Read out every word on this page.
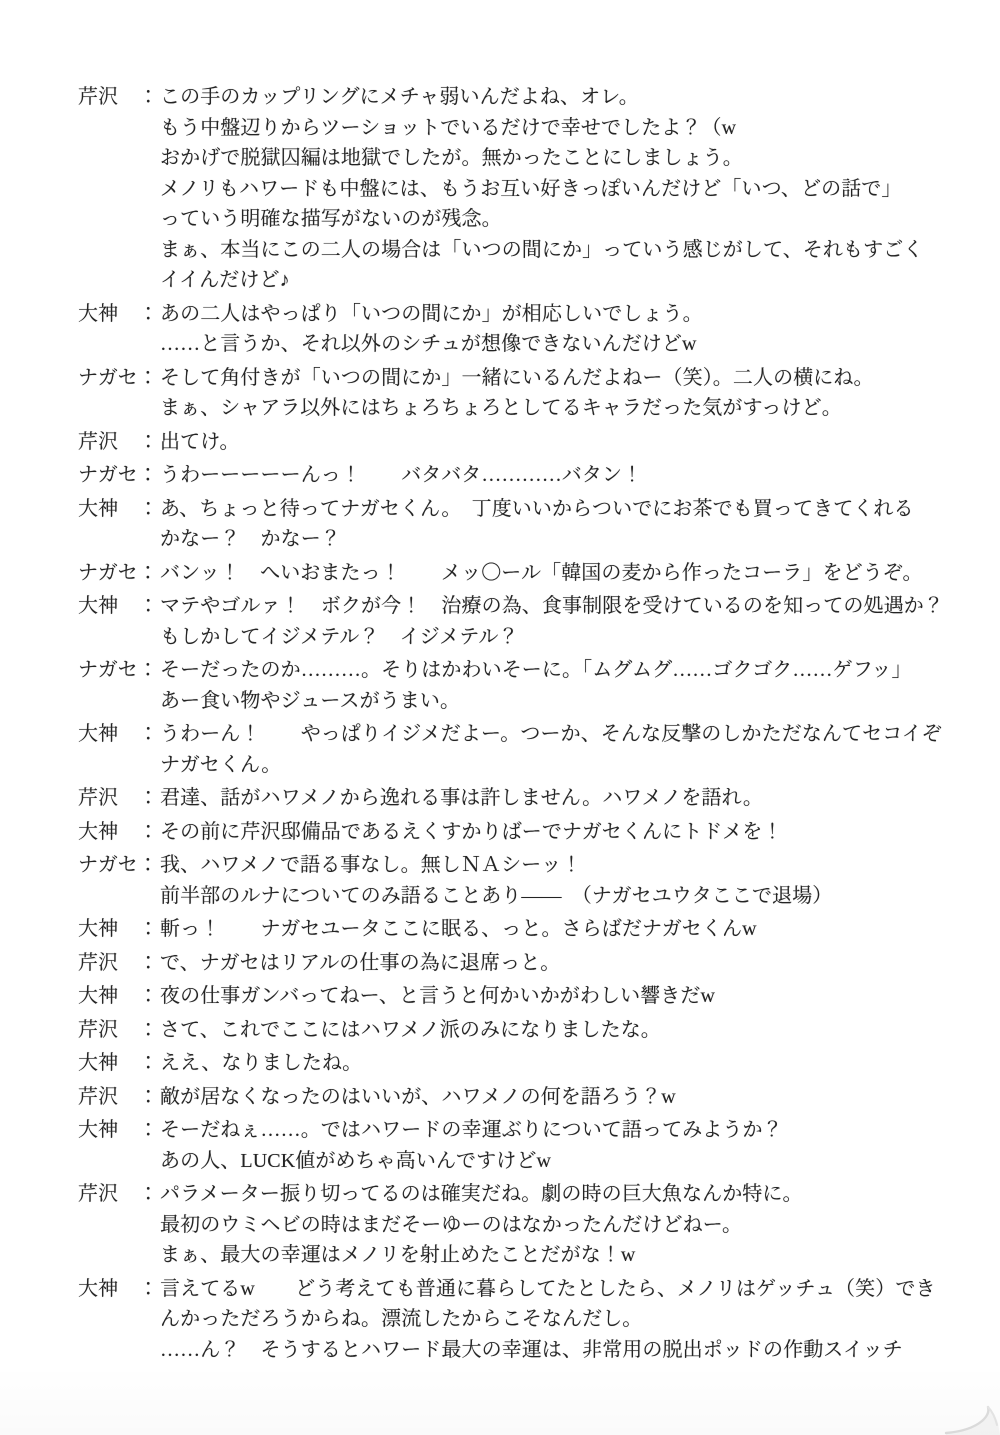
芹沢　： この手のカップリングにメチャ弱いんだよね、オレ。
もう中盤辺りからツーショットでいるだけで幸せでしたよ？（w
おかげで脱獄囚編は地獄でしたが。無かったことにしましょう。
メノリもハワードも中盤には、もうお互い好きっぽいんだけど「いつ、どの話で」
っていう明確な描写がないのが残念。
まぁ、本当にこの二人の場合は「いつの間にか」っていう感じがして、それもすごく
イイんだけど♪
大神　： あの二人はやっぱり「いつの間にか」が相応しいでしょう。
……と言うか、それ以外のシチュが想像できないんだけどw
ナガセ： そして角付きが「いつの間にか」一緒にいるんだよねー（笑）。二人の横にね。
まぁ、シャアラ以外にはちょろちょろとしてるキャラだった気がすっけど。
芹沢　： 出てけ。
ナガセ： うわーーーーーんっ！　　バタバタ…………バタン！
大神　： あ、ちょっと待ってナガセくん。　丁度いいからついでにお茶でも買ってきてくれる
かなー？　かなー？
ナガセ： バンッ！　へいおまたっ！　　メッ〇ール「韓国の麦から作ったコーラ」をどうぞ。
大神　： マテやゴルァ！　ボクが今！　治療の為、食事制限を受けているのを知っての処遇か？
もしかしてイジメテル？　イジメテル？
ナガセ： そーだったのか………。そりはかわいそーに。「ムグムグ……ゴクゴク……ゲフッ」
あー食い物やジュースがうまい。
大神　： うわーん！　　やっぱりイジメだよー。つーか、そんな反撃のしかただなんてセコイぞ
ナガセくん。
芹沢　： 君達、話がハワメノから逸れる事は許しません。ハワメノを語れ。
大神　： その前に芹沢邸備品であるえくすかりばーでナガセくんにトドメを！
ナガセ： 我、ハワメノで語る事なし。無しＮＡシーッ！
前半部のルナについてのみ語ることあり――　（ナガセユウタここで退場）
大神　： 斬っ！　　ナガセユータここに眠る、っと。さらばだナガセくんw
芹沢　： で、ナガセはリアルの仕事の為に退席っと。
大神　： 夜の仕事ガンバってねー、と言うと何かいかがわしい響きだw
芹沢　： さて、これでここにはハワメノ派のみになりましたな。
大神　： ええ、なりましたね。
芹沢　： 敵が居なくなったのはいいが、ハワメノの何を語ろう？w
大神　： そーだねぇ……。ではハワードの幸運ぶりについて語ってみようか？
あの人、LUCK値がめちゃ高いんですけどw
芹沢　： パラメーター振り切ってるのは確実だね。劇の時の巨大魚なんか特に。
最初のウミヘビの時はまだそーゆーのはなかったんだけどねー。
まぁ、最大の幸運はメノリを射止めたことだがな！w
大神　： 言えてるw　　どう考えても普通に暮らしてたとしたら、メノリはゲッチュ（笑）でき
んかっただろうからね。漂流したからこそなんだし。
……ん？　そうするとハワード最大の幸運は、非常用の脱出ポッドの作動スイッチ
